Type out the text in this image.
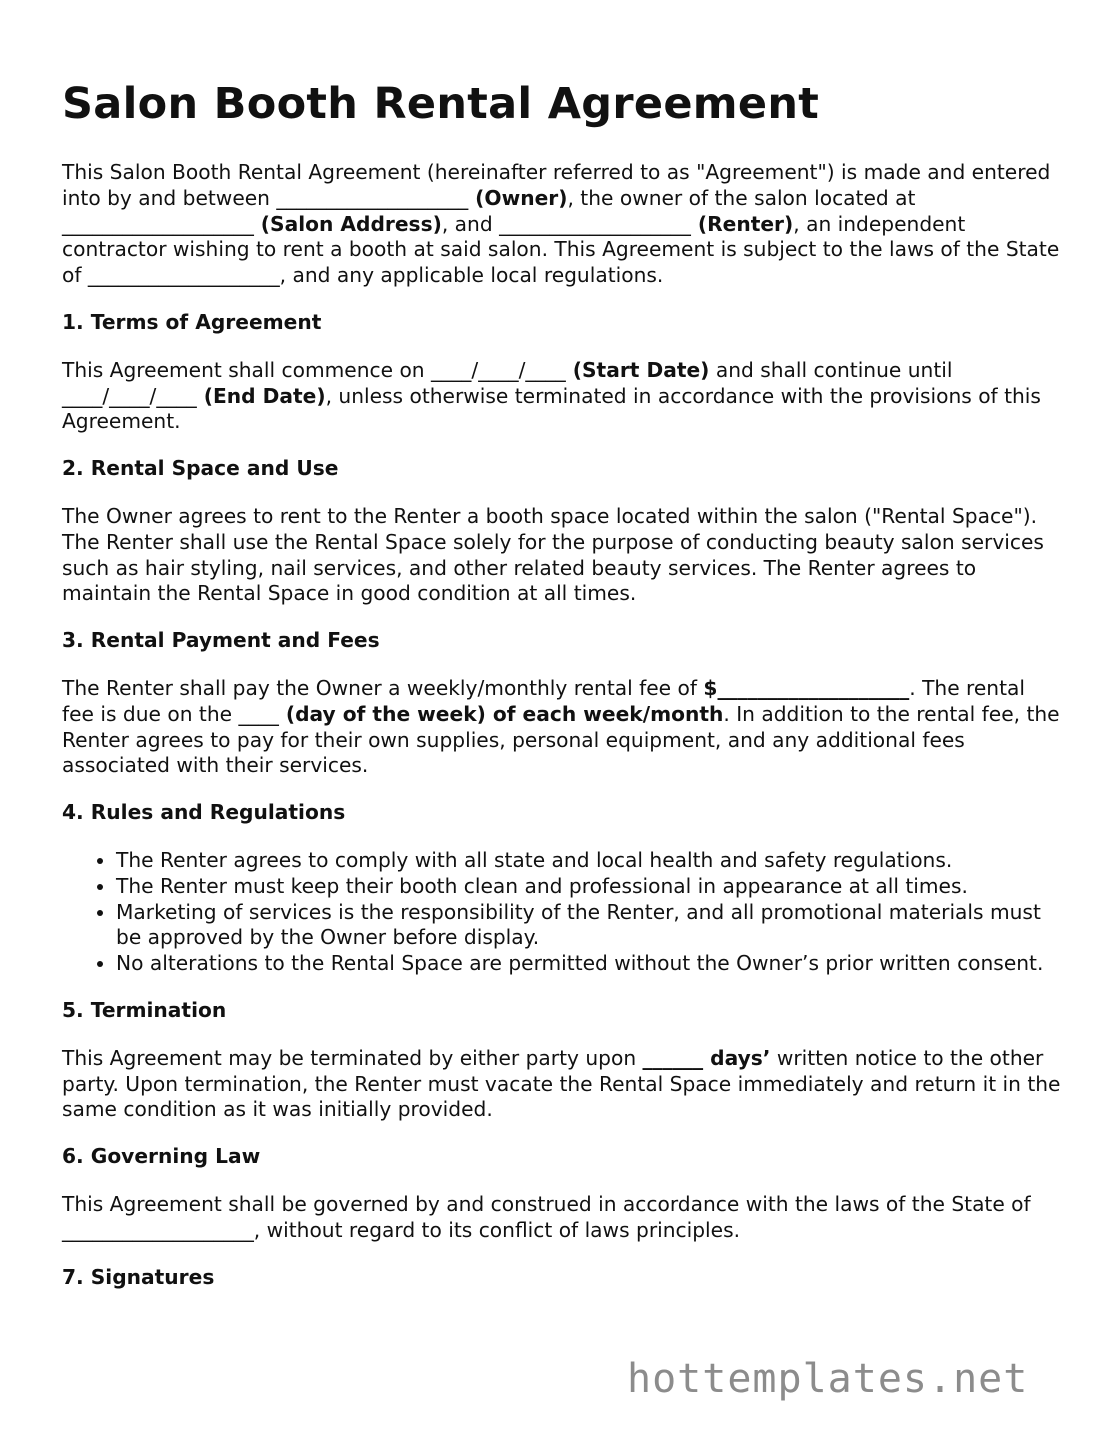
Salon Booth Rental Agreement

This Salon Booth Rental Agreement (hereinafter referred to as "Agreement") is made and entered into by and between ___________________ (Owner), the owner of the salon located at ___________________ (Salon Address), and ___________________ (Renter), an independent contractor wishing to rent a booth at said salon. This Agreement is subject to the laws of the State of ___________________, and any applicable local regulations.

1. Terms of Agreement

This Agreement shall commence on ____/____/____ (Start Date) and shall continue until ____/____/____ (End Date), unless otherwise terminated in accordance with the provisions of this Agreement.

2. Rental Space and Use

The Owner agrees to rent to the Renter a booth space located within the salon ("Rental Space"). The Renter shall use the Rental Space solely for the purpose of conducting beauty salon services such as hair styling, nail services, and other related beauty services. The Renter agrees to maintain the Rental Space in good condition at all times.

3. Rental Payment and Fees

The Renter shall pay the Owner a weekly/monthly rental fee of $___________________. The rental fee is due on the ____ (day of the week) of each week/month. In addition to the rental fee, the Renter agrees to pay for their own supplies, personal equipment, and any additional fees associated with their services.

4. Rules and Regulations
• The Renter agrees to comply with all state and local health and safety regulations.
• The Renter must keep their booth clean and professional in appearance at all times.
• Marketing of services is the responsibility of the Renter, and all promotional materials must be approved by the Owner before display.
• No alterations to the Rental Space are permitted without the Owner’s prior written consent.
5. Termination

This Agreement may be terminated by either party upon ______ days’ written notice to the other party. Upon termination, the Renter must vacate the Rental Space immediately and return it in the same condition as it was initially provided.

6. Governing Law

This Agreement shall be governed by and construed in accordance with the laws of the State of ___________________, without regard to its conflict of laws principles.

7. Signatures
hottemplates.net
